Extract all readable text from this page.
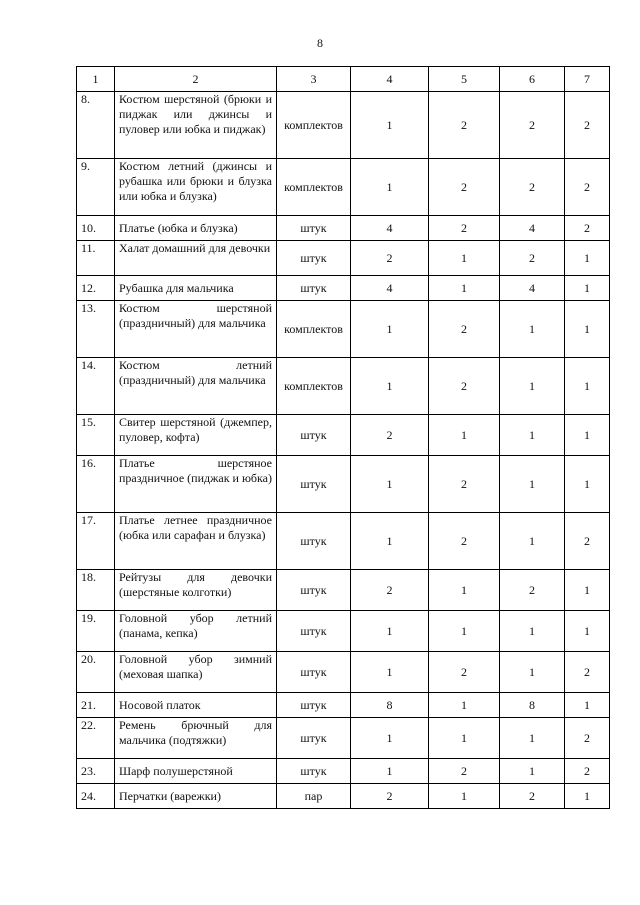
8
1	2	3	4	5	6	7
8.	Костюм шерстяной (брюки и пиджак или джинсы и пуловер или юбка и пиджак)	комплектов	1	2	2	2
9.	Костюм летний (джинсы и рубашка или брюки и блузка или юбка и блузка)	комплектов	1	2	2	2
10.	Платье (юбка и блузка)	штук	4	2	4	2
11.	Халат домашний для девочки	штук	2	1	2	1
12.	Рубашка для мальчика	штук	4	1	4	1
13.	Костюм шерстяной (праздничный) для мальчика	комплектов	1	2	1	1
14.	Костюм летний (праздничный) для мальчика	комплектов	1	2	1	1
15.	Свитер шерстяной (джемпер, пуловер, кофта)	штук	2	1	1	1
16.	Платье шерстяное праздничное (пиджак и юбка)	штук	1	2	1	1
17.	Платье летнее праздничное (юбка или сарафан и блузка)	штук	1	2	1	2
18.	Рейтузы для девочки (шерстяные колготки)	штук	2	1	2	1
19.	Головной убор летний (панама, кепка)	штук	1	1	1	1
20.	Головной убор зимний (меховая шапка)	штук	1	2	1	2
21.	Носовой платок	штук	8	1	8	1
22.	Ремень брючный для мальчика (подтяжки)	штук	1	1	1	2
23.	Шарф полушерстяной	штук	1	2	1	2
24.	Перчатки (варежки)	пар	2	1	2	1
